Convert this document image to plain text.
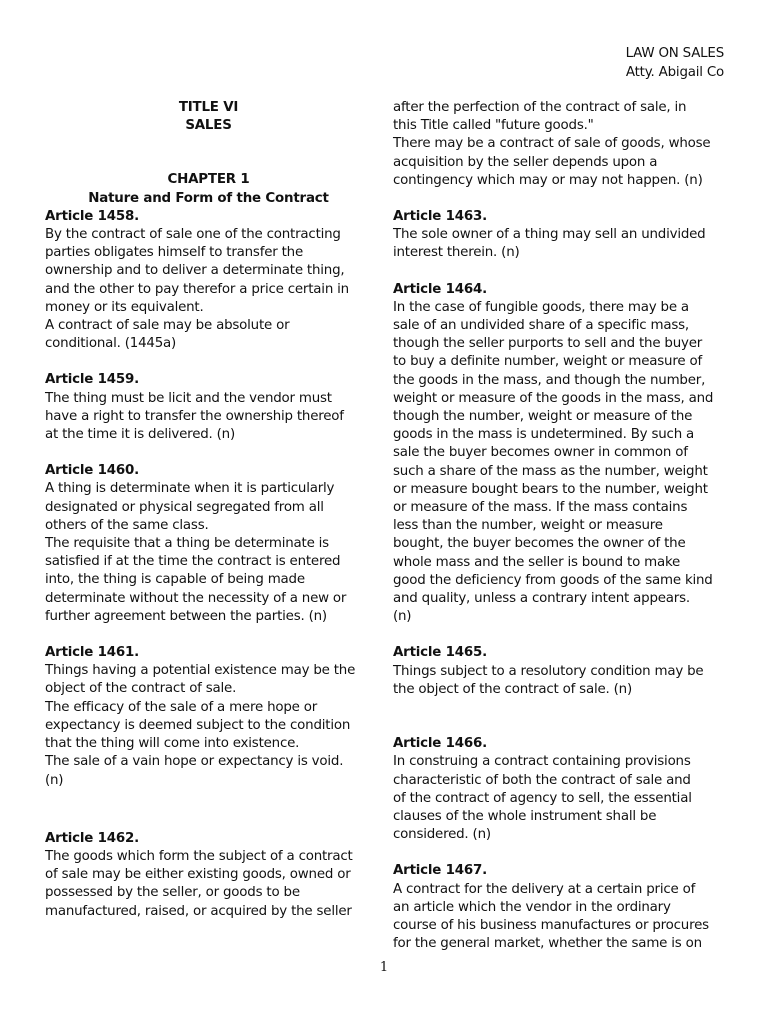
LAW ON SALES
Atty. Abigail Co

TITLE VI

SALES

CHAPTER 1

Nature and Form of the Contract

Article 1458.

By the contract of sale one of the contracting
parties obligates himself to transfer the
ownership and to deliver a determinate thing,
and the other to pay therefor a price certain in
money or its equivalent.
A contract of sale may be absolute or
conditional. (1445a)

Article 1459.

The thing must be licit and the vendor must
have a right to transfer the ownership thereof
at the time it is delivered. (n)

Article 1460.

A thing is determinate when it is particularly
designated or physical segregated from all
others of the same class.
The requisite that a thing be determinate is
satisfied if at the time the contract is entered
into, the thing is capable of being made
determinate without the necessity of a new or
further agreement between the parties. (n)

Article 1461.

Things having a potential existence may be the
object of the contract of sale.
The efficacy of the sale of a mere hope or
expectancy is deemed subject to the condition
that the thing will come into existence.
The sale of a vain hope or expectancy is void.
(n)

Article 1462.

The goods which form the subject of a contract
of sale may be either existing goods, owned or
possessed by the seller, or goods to be
manufactured, raised, or acquired by the seller

after the perfection of the contract of sale, in
this Title called "future goods."
There may be a contract of sale of goods, whose
acquisition by the seller depends upon a
contingency which may or may not happen. (n)

Article 1463.

The sole owner of a thing may sell an undivided
interest therein. (n)

Article 1464.

In the case of fungible goods, there may be a
sale of an undivided share of a specific mass,
though the seller purports to sell and the buyer
to buy a definite number, weight or measure of
the goods in the mass, and though the number,
weight or measure of the goods in the mass, and
though the number, weight or measure of the
goods in the mass is undetermined. By such a
sale the buyer becomes owner in common of
such a share of the mass as the number, weight
or measure bought bears to the number, weight
or measure of the mass. If the mass contains
less than the number, weight or measure
bought, the buyer becomes the owner of the
whole mass and the seller is bound to make
good the deficiency from goods of the same kind
and quality, unless a contrary intent appears.
(n)

Article 1465.

Things subject to a resolutory condition may be
the object of the contract of sale. (n)

Article 1466.

In construing a contract containing provisions
characteristic of both the contract of sale and
of the contract of agency to sell, the essential
clauses of the whole instrument shall be
considered. (n)

Article 1467.

A contract for the delivery at a certain price of
an article which the vendor in the ordinary
course of his business manufactures or procures
for the general market, whether the same is on

1
